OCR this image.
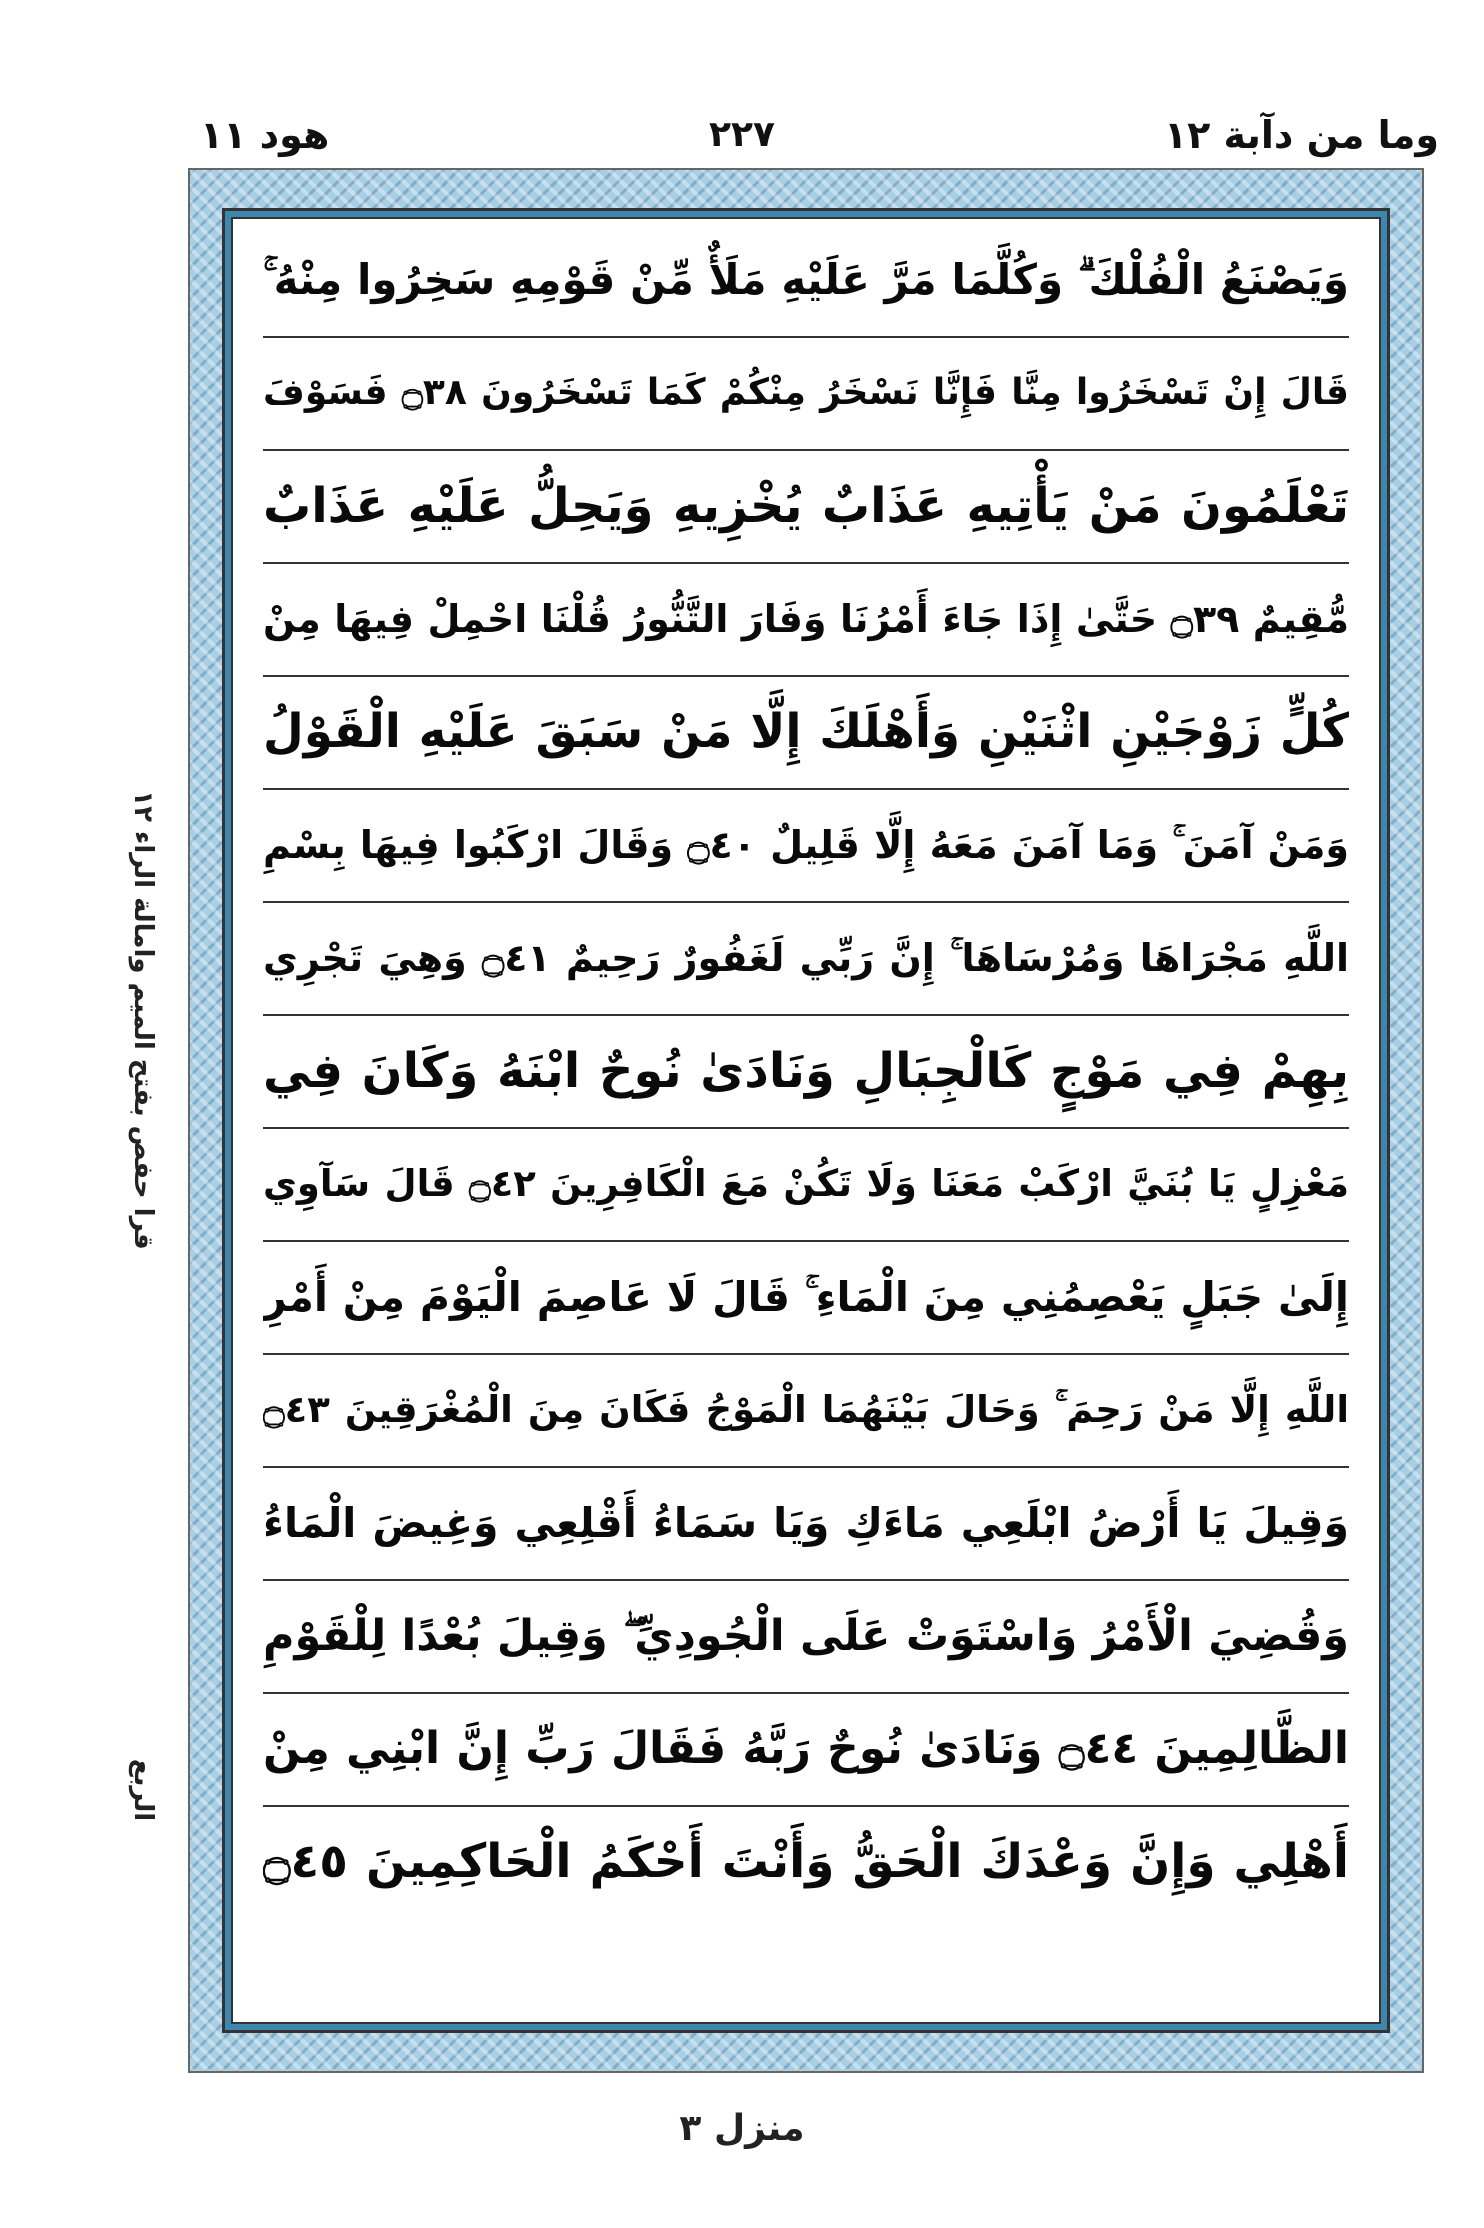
هود ١١	٢٢٧	وما من دآبة ١٢
قرا حفص بفتح الميم وامالة الراء ١٢
الربع
وَيَصْنَعُ الْفُلْكَ ۗ وَكُلَّمَا مَرَّ عَلَيْهِ مَلَأٌ مِّنْ قَوْمِهِ سَخِرُوا مِنْهُ ۚ
قَالَ إِنْ تَسْخَرُوا مِنَّا فَإِنَّا نَسْخَرُ مِنْكُمْ كَمَا تَسْخَرُونَ ۝٣٨ فَسَوْفَ
تَعْلَمُونَ مَنْ يَأْتِيهِ عَذَابٌ يُخْزِيهِ وَيَحِلُّ عَلَيْهِ عَذَابٌ
مُّقِيمٌ ۝٣٩ حَتَّىٰ إِذَا جَاءَ أَمْرُنَا وَفَارَ التَّنُّورُ قُلْنَا احْمِلْ فِيهَا مِنْ
كُلٍّ زَوْجَيْنِ اثْنَيْنِ وَأَهْلَكَ إِلَّا مَنْ سَبَقَ عَلَيْهِ الْقَوْلُ
وَمَنْ آمَنَ ۚ وَمَا آمَنَ مَعَهُ إِلَّا قَلِيلٌ ۝٤٠ وَقَالَ ارْكَبُوا فِيهَا بِسْمِ
اللَّهِ مَجْرَاهَا وَمُرْسَاهَا ۚ إِنَّ رَبِّي لَغَفُورٌ رَحِيمٌ ۝٤١ وَهِيَ تَجْرِي
بِهِمْ فِي مَوْجٍ كَالْجِبَالِ وَنَادَىٰ نُوحٌ ابْنَهُ وَكَانَ فِي
مَعْزِلٍ يَا بُنَيَّ ارْكَبْ مَعَنَا وَلَا تَكُنْ مَعَ الْكَافِرِينَ ۝٤٢ قَالَ سَآوِي
إِلَىٰ جَبَلٍ يَعْصِمُنِي مِنَ الْمَاءِ ۚ قَالَ لَا عَاصِمَ الْيَوْمَ مِنْ أَمْرِ
اللَّهِ إِلَّا مَنْ رَحِمَ ۚ وَحَالَ بَيْنَهُمَا الْمَوْجُ فَكَانَ مِنَ الْمُغْرَقِينَ ۝٤٣
وَقِيلَ يَا أَرْضُ ابْلَعِي مَاءَكِ وَيَا سَمَاءُ أَقْلِعِي وَغِيضَ الْمَاءُ
وَقُضِيَ الْأَمْرُ وَاسْتَوَتْ عَلَى الْجُودِيِّ ۖ وَقِيلَ بُعْدًا لِلْقَوْمِ
الظَّالِمِينَ ۝٤٤ وَنَادَىٰ نُوحٌ رَبَّهُ فَقَالَ رَبِّ إِنَّ ابْنِي مِنْ
أَهْلِي وَإِنَّ وَعْدَكَ الْحَقُّ وَأَنْتَ أَحْكَمُ الْحَاكِمِينَ ۝٤٥
منزل ٣
